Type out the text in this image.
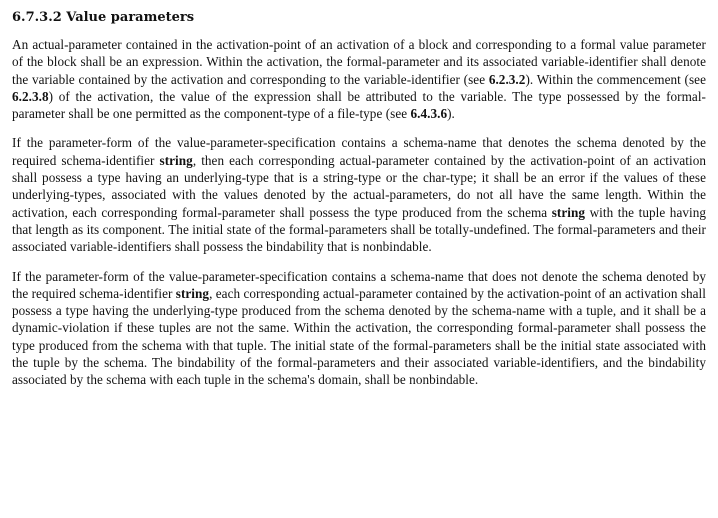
6.7.3.2 Value parameters

An actual-parameter contained in the activation-point of an activation of a block and corresponding to a formal value parameter of the block shall be an expression. Within the activation, the formal-parameter and its associated variable-identifier shall denote the variable contained by the activation and corresponding to the variable-identifier (see 6.2.3.2). Within the commencement (see 6.2.3.8) of the activation, the value of the expression shall be attributed to the variable. The type possessed by the formal-parameter shall be one permitted as the component-type of a file-type (see 6.4.3.6).

If the parameter-form of the value-parameter-specification contains a schema-name that denotes the schema denoted by the required schema-identifier string, then each corresponding actual-parameter contained by the activation-point of an activation shall possess a type having an underlying-type that is a string-type or the char-type; it shall be an error if the values of these underlying-types, associated with the values denoted by the actual-parameters, do not all have the same length. Within the activation, each corresponding formal-parameter shall possess the type produced from the schema string with the tuple having that length as its component. The initial state of the formal-parameters shall be totally-undefined. The formal-parameters and their associated variable-identifiers shall possess the bindability that is nonbindable.

If the parameter-form of the value-parameter-specification contains a schema-name that does not denote the schema denoted by the required schema-identifier string, each corresponding actual-parameter contained by the activation-point of an activation shall possess a type having the underlying-type produced from the schema denoted by the schema-name with a tuple, and it shall be a dynamic-violation if these tuples are not the same. Within the activation, the corresponding formal-parameter shall possess the type produced from the schema with that tuple. The initial state of the formal-parameters shall be the initial state associated with the tuple by the schema. The bindability of the formal-parameters and their associated variable-identifiers, and the bindability associated by the schema with each tuple in the schema's domain, shall be nonbindable.
